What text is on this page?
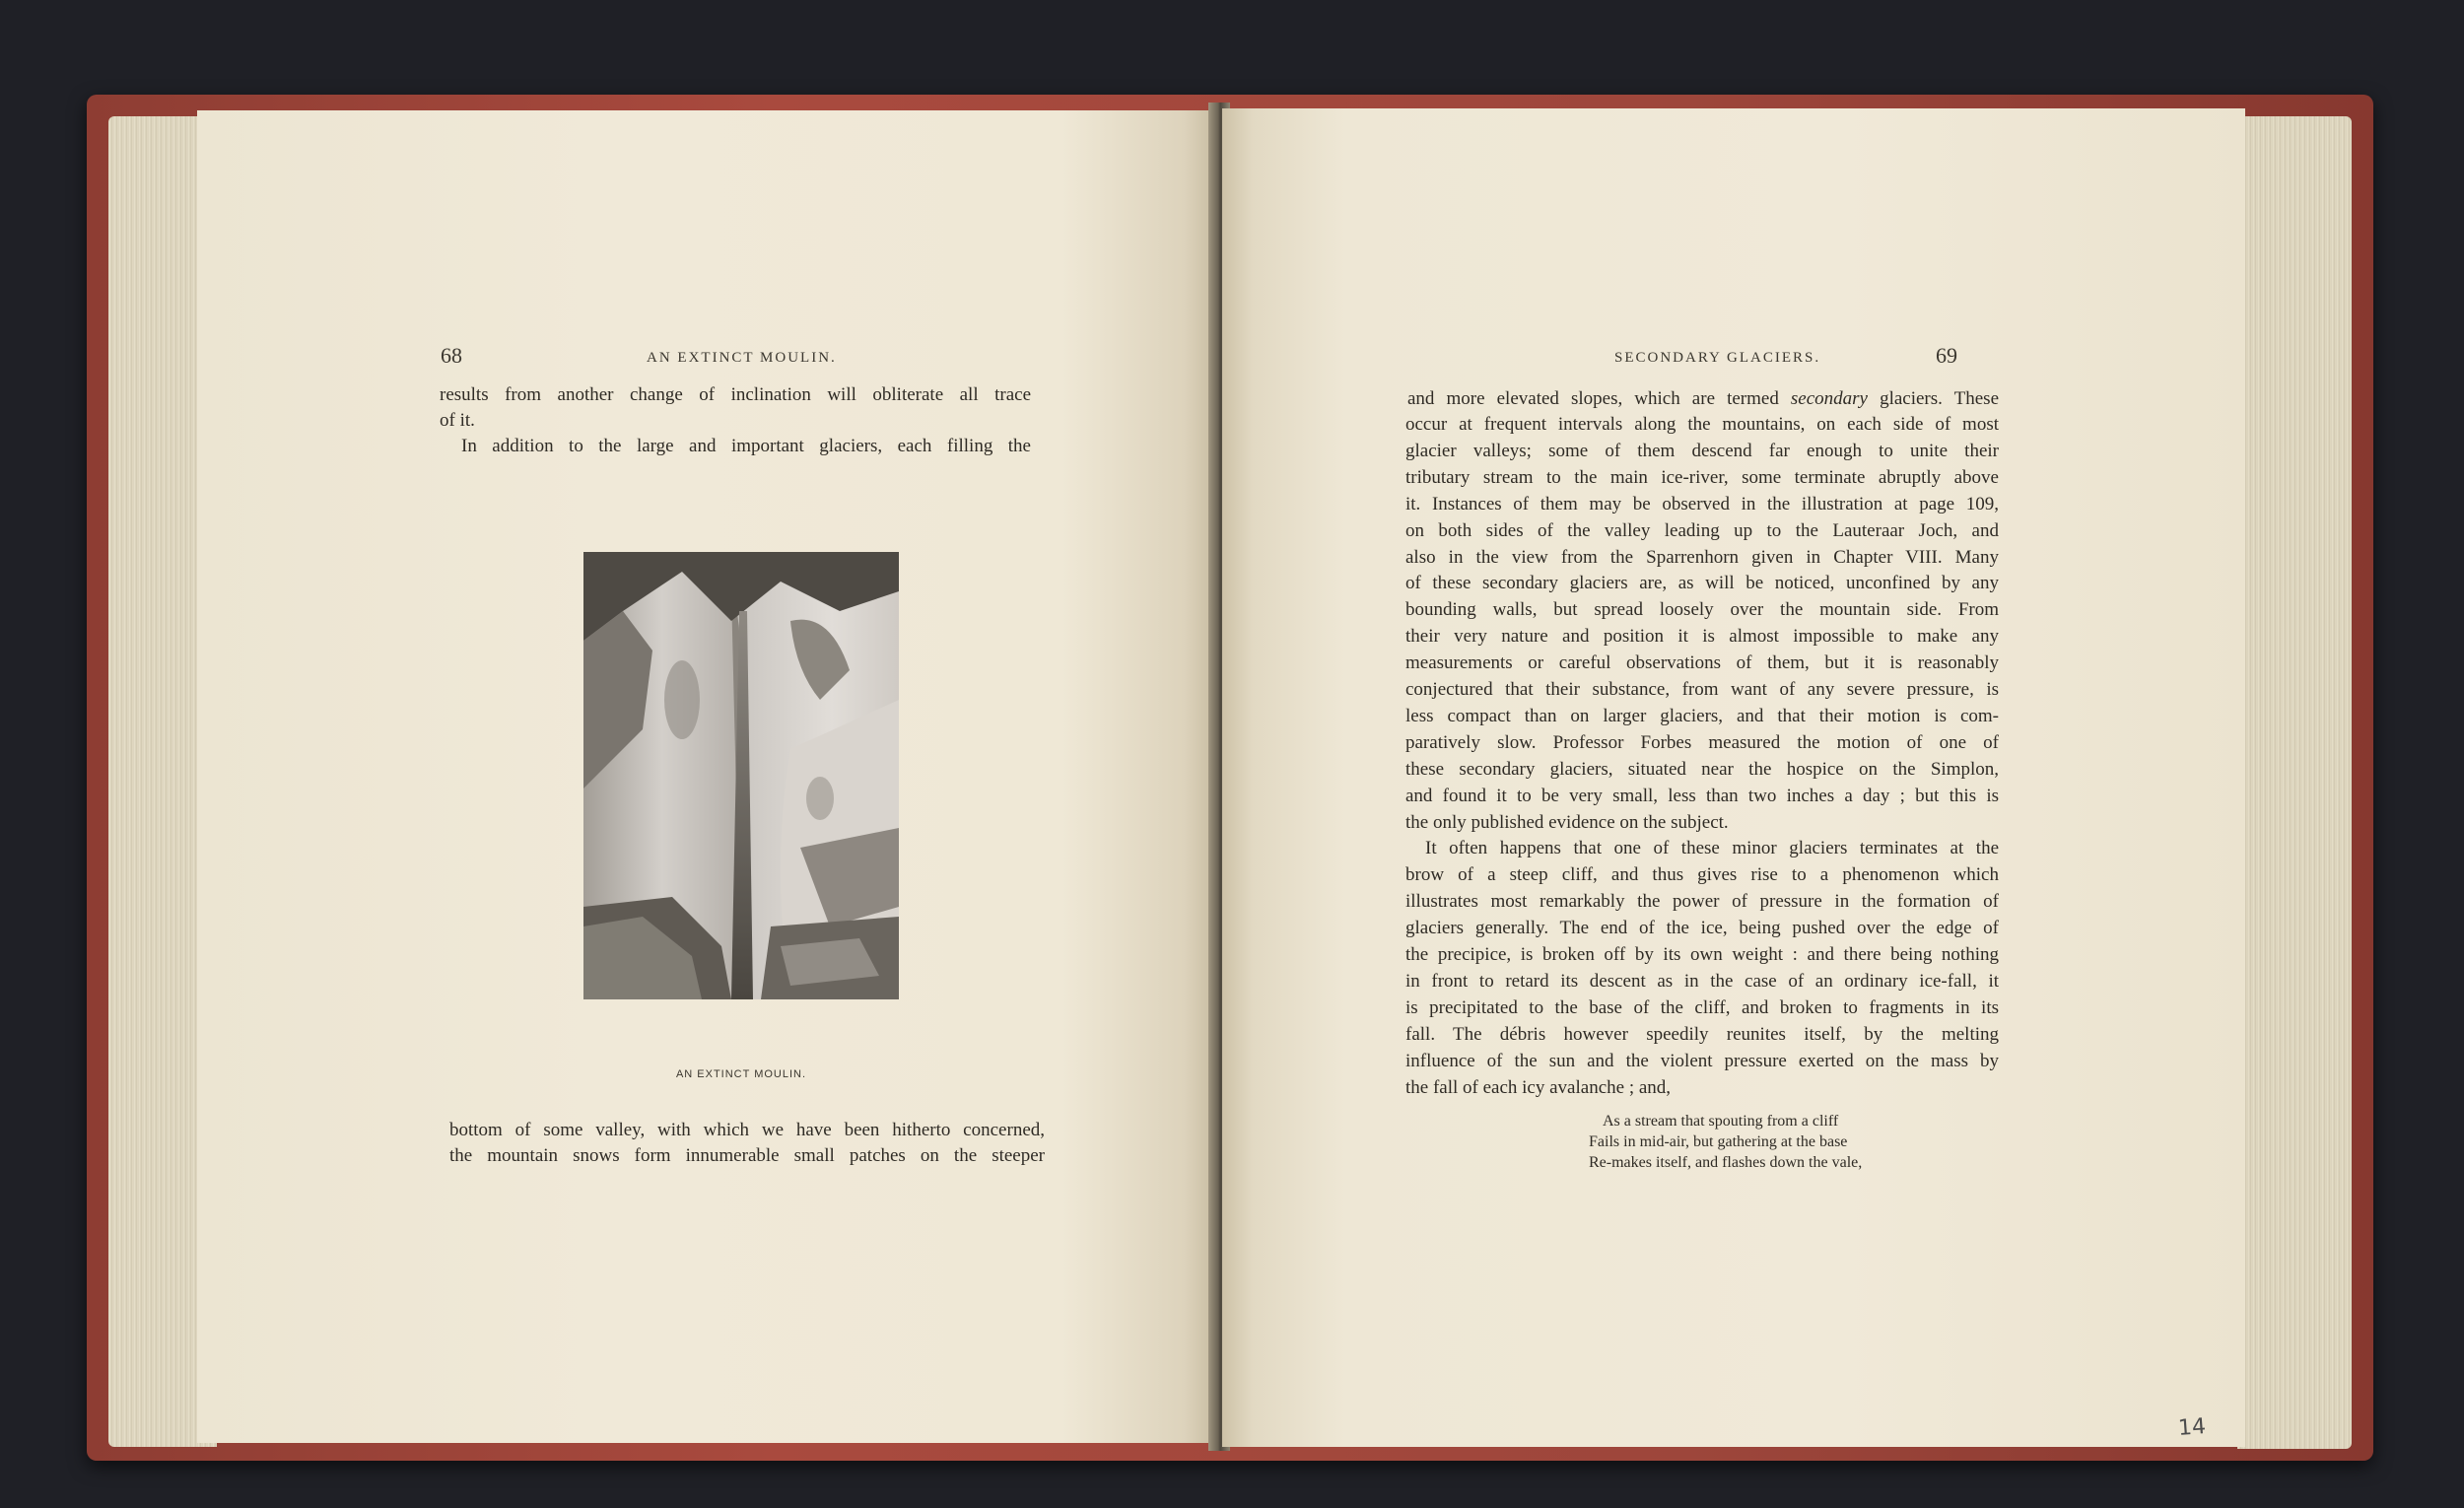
68	AN EXTINCT MOULIN.
results from another change of inclination will obliterate all trace
of it.
In addition to the large and important glaciers, each filling the
AN EXTINCT MOULIN.
bottom of some valley, with which we have been hitherto concerned,
the mountain snows form innumerable small patches on the steeper
SECONDARY GLACIERS.	69
and more elevated slopes, which are termed secondary glaciers. These
occur at frequent intervals along the mountains, on each side of most
glacier valleys; some of them descend far enough to unite their
tributary stream to the main ice-river, some terminate abruptly above
it. Instances of them may be observed in the illustration at page 109,
on both sides of the valley leading up to the Lauteraar Joch, and
also in the view from the Sparrenhorn given in Chapter VIII. Many
of these secondary glaciers are, as will be noticed, unconfined by any
bounding walls, but spread loosely over the mountain side. From
their very nature and position it is almost impossible to make any
measurements or careful observations of them, but it is reasonably
conjectured that their substance, from want of any severe pressure, is
less compact than on larger glaciers, and that their motion is com-
paratively slow. Professor Forbes measured the motion of one of
these secondary glaciers, situated near the hospice on the Simplon,
and found it to be very small, less than two inches a day ; but this is
the only published evidence on the subject.
It often happens that one of these minor glaciers terminates at the
brow of a steep cliff, and thus gives rise to a phenomenon which
illustrates most remarkably the power of pressure in the formation of
glaciers generally. The end of the ice, being pushed over the edge of
the precipice, is broken off by its own weight : and there being nothing
in front to retard its descent as in the case of an ordinary ice-fall, it
is precipitated to the base of the cliff, and broken to fragments in its
fall. The débris however speedily reunites itself, by the melting
influence of the sun and the violent pressure exerted on the mass by
the fall of each icy avalanche ; and,
As a stream that spouting from a cliff
Fails in mid-air, but gathering at the base
Re-makes itself, and flashes down the vale,
14
